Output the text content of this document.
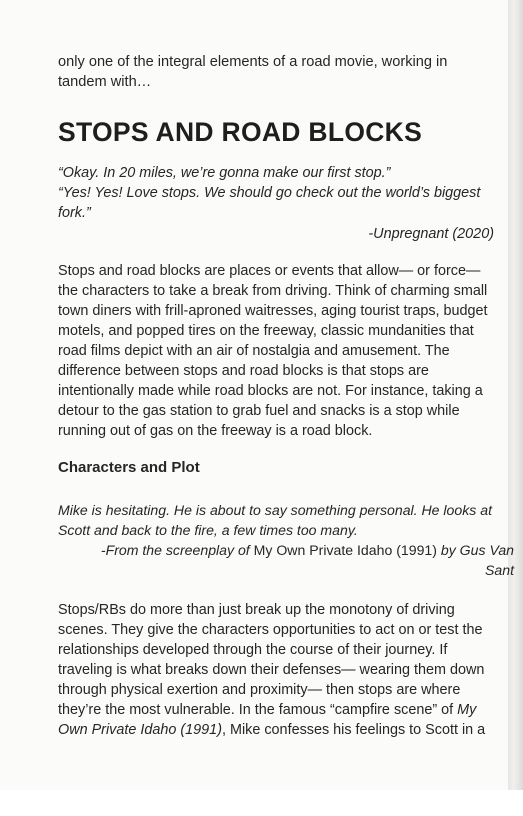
only one of the integral elements of a road movie, working in tandem with…

STOPS AND ROAD BLOCKS

“Okay. In 20 miles, we’re gonna make our first stop.”

“Yes! Yes! Love stops. We should go check out the world’s biggest fork.”

-Unpregnant (2020)

Stops and road blocks are places or events that allow— or force— the characters to take a break from driving. Think of charming small town diners with frill-aproned waitresses, aging tourist traps, budget motels, and popped tires on the freeway, classic mundanities that road films depict with an air of nostalgia and amusement. The difference between stops and road blocks is that stops are intentionally made while road blocks are not. For instance, taking a detour to the gas station to grab fuel and snacks is a stop while running out of gas on the freeway is a road block.

Characters and Plot

Mike is hesitating. He is about to say something personal. He looks at Scott and back to the fire, a few times too many.

-From the screenplay of My Own Private Idaho (1991) by Gus Van Sant

Stops/RBs do more than just break up the monotony of driving scenes. They give the characters opportunities to act on or test the relationships developed through the course of their journey. If traveling is what breaks down their defenses— wearing them down through physical exertion and proximity— then stops are where they’re the most vulnerable. In the famous “campfire scene” of My Own Private Idaho (1991), Mike confesses his feelings to Scott in a
